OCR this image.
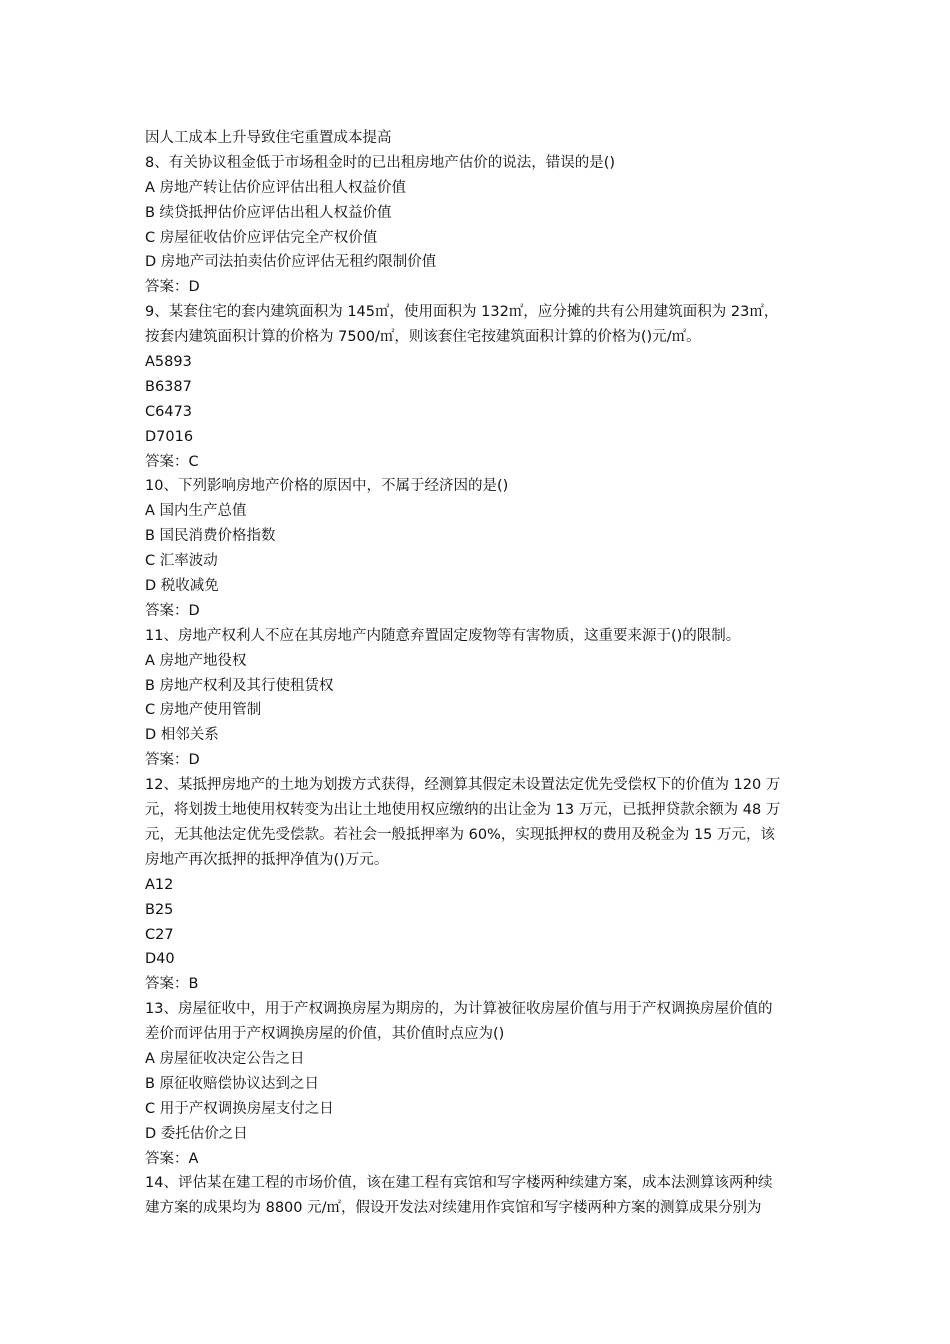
因人工成本上升导致住宅重置成本提高
8、有关协议租金低于市场租金时的已出租房地产估价的说法，错误的是()
A 房地产转让估价应评估出租人权益价值
B 续贷抵押估价应评估出租人权益价值
C 房屋征收估价应评估完全产权价值
D 房地产司法拍卖估价应评估无租约限制价值
答案：D
9、某套住宅的套内建筑面积为 145㎡，使用面积为 132㎡，应分摊的共有公用建筑面积为 23㎡，
按套内建筑面积计算的价格为 7500/㎡，则该套住宅按建筑面积计算的价格为()元/㎡。
A5893
B6387
C6473
D7016
答案：C
10、下列影响房地产价格的原因中，不属于经济因的是()
A 国内生产总值
B 国民消费价格指数
C 汇率波动
D 税收减免
答案：D
11、房地产权利人不应在其房地产内随意弃置固定废物等有害物质，这重要来源于()的限制。
A 房地产地役权
B 房地产权利及其行使租赁权
C 房地产使用管制
D 相邻关系
答案：D
12、某抵押房地产的土地为划拨方式获得，经测算其假定未设置法定优先受偿权下的价值为 120 万
元，将划拨土地使用权转变为出让土地使用权应缴纳的出让金为 13 万元，已抵押贷款余额为 48 万
元，无其他法定优先受偿款。若社会一般抵押率为 60%，实现抵押权的费用及税金为 15 万元，该
房地产再次抵押的抵押净值为()万元。
A12
B25
C27
D40
答案：B
13、房屋征收中，用于产权调换房屋为期房的，为计算被征收房屋价值与用于产权调换房屋价值的
差价而评估用于产权调换房屋的价值，其价值时点应为()
A 房屋征收决定公告之日
B 原征收赔偿协议达到之日
C 用于产权调换房屋支付之日
D 委托估价之日
答案：A
14、评估某在建工程的市场价值，该在建工程有宾馆和写字楼两种续建方案，成本法测算该两种续
建方案的成果均为 8800 元/㎡，假设开发法对续建用作宾馆和写字楼两种方案的测算成果分别为
